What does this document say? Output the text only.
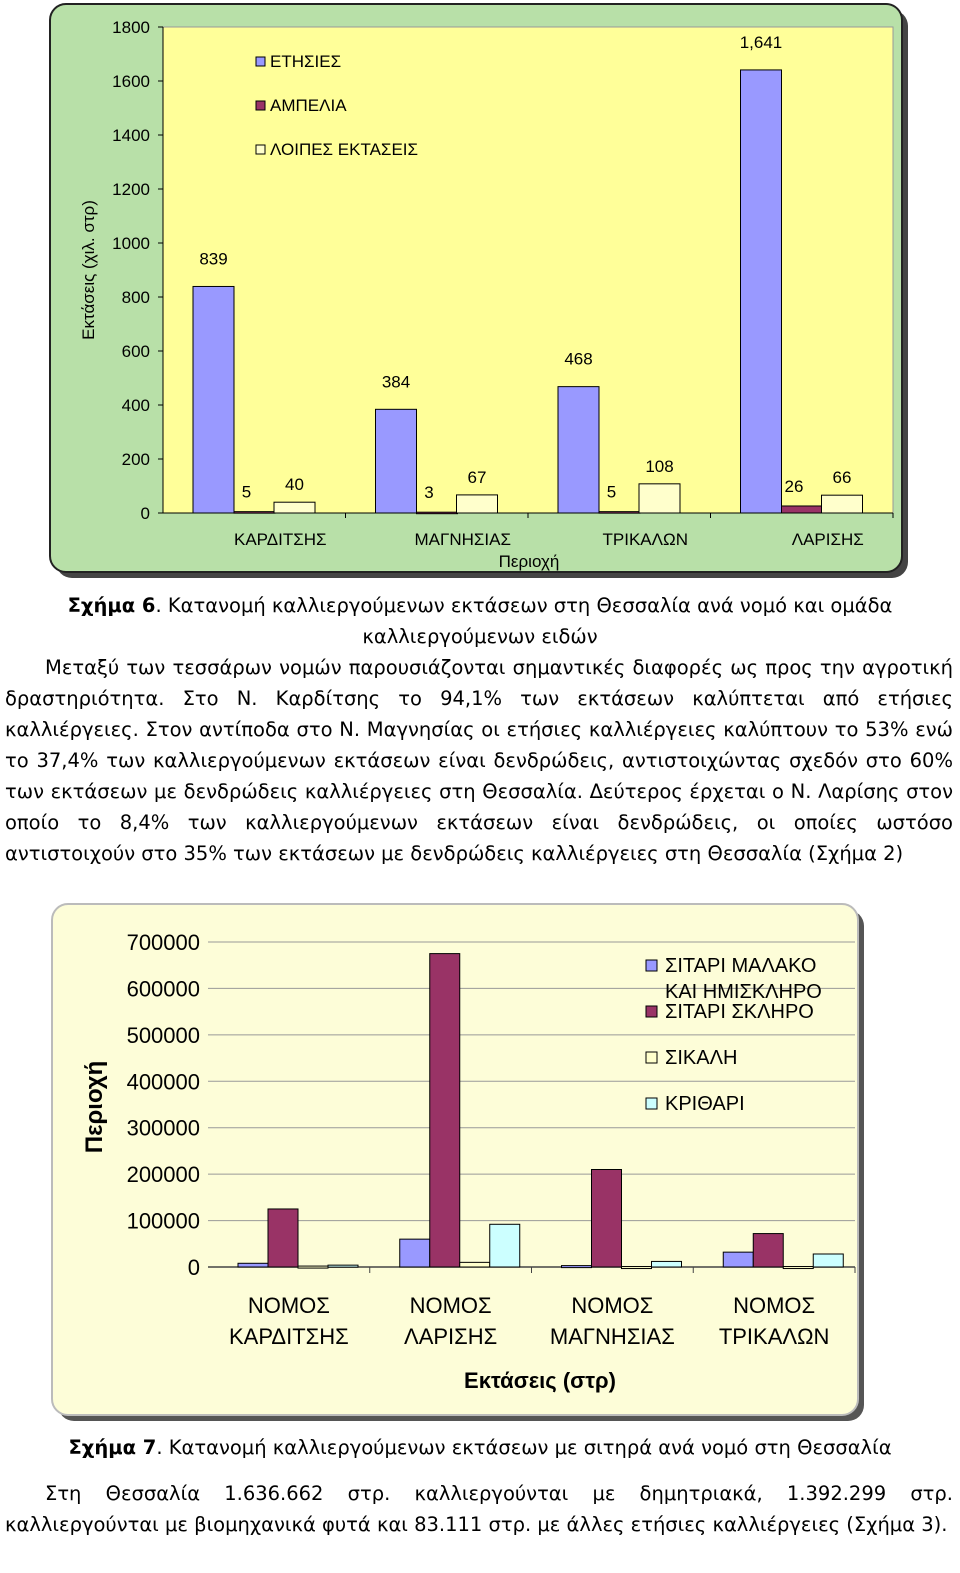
0
200
400
600
800
1000
1200
1400
1600
1800
Εκτάσεις (χιλ. στρ)
Περιοχή
ΚΑΡΔΙΤΣΗΣ
839
5 40
ΜΑΓΝΗΣΙΑΣ
384
3
67
ΤΡΙΚΑΛΩΝ
468
5
108
ΛΑΡΙΣΗΣ
1,641
26 66
ΕΤΗΣΙΕΣ
ΑΜΠΕΛΙΑ
ΛΟΙΠΕΣ ΕΚΤΑΣΕΙΣ
Σχήμα 6. Κατανομή καλλιεργούμενων εκτάσεων στη Θεσσαλία ανά νομό και ομάδα
καλλιεργούμενων ειδών
Μεταξύ των τεσσάρων νομών παρουσιάζονται σημαντικές διαφορές ως προς την αγροτική δραστηριότητα. Στο Ν. Καρδίτσης το 94,1% των εκτάσεων καλύπτεται από ετήσιες καλλιέργειες. Στον αντίποδα στο Ν. Μαγνησίας οι ετήσιες καλλιέργειες καλύπτουν το 53% ενώ το 37,4% των καλλιεργούμενων εκτάσεων είναι δενδρώδεις, αντιστοιχώντας σχεδόν στο 60% των εκτάσεων με δενδρώδεις καλλιέργειες στη Θεσσαλία. Δεύτερος έρχεται ο Ν. Λαρίσης στον οποίο το 8,4% των καλλιεργούμενων εκτάσεων είναι δενδρώδεις, οι οποίες ωστόσο αντιστοιχούν στο 35% των εκτάσεων με δενδρώδεις καλλιέργειες στη Θεσσαλία (Σχήμα 2)
0
100000
200000
300000
400000
500000
600000
700000
Περιοχή
Εκτάσεις (στρ)
ΝΟΜΟΣ
ΚΑΡΔΙΤΣΗΣ
ΝΟΜΟΣ
ΛΑΡΙΣΗΣ
ΝΟΜΟΣ
ΜΑΓΝΗΣΙΑΣ
ΝΟΜΟΣ
ΤΡΙΚΑΛΩΝ
ΣΙΤΑΡΙ ΜΑΛΑΚΟ
ΚΑΙ ΗΜΙΣΚΛΗΡΟ
ΣΙΤΑΡΙ ΣΚΛΗΡΟ
ΣΙΚΑΛΗ
ΚΡΙΘΑΡΙ
Σχήμα 7. Κατανομή καλλιεργούμενων εκτάσεων με σιτηρά ανά νομό στη Θεσσαλία
Στη Θεσσαλία 1.636.662 στρ. καλλιεργούνται με δημητριακά, 1.392.299 στρ. καλλιεργούνται με βιομηχανικά φυτά και 83.111 στρ. με άλλες ετήσιες καλλιέργειες (Σχήμα 3).
